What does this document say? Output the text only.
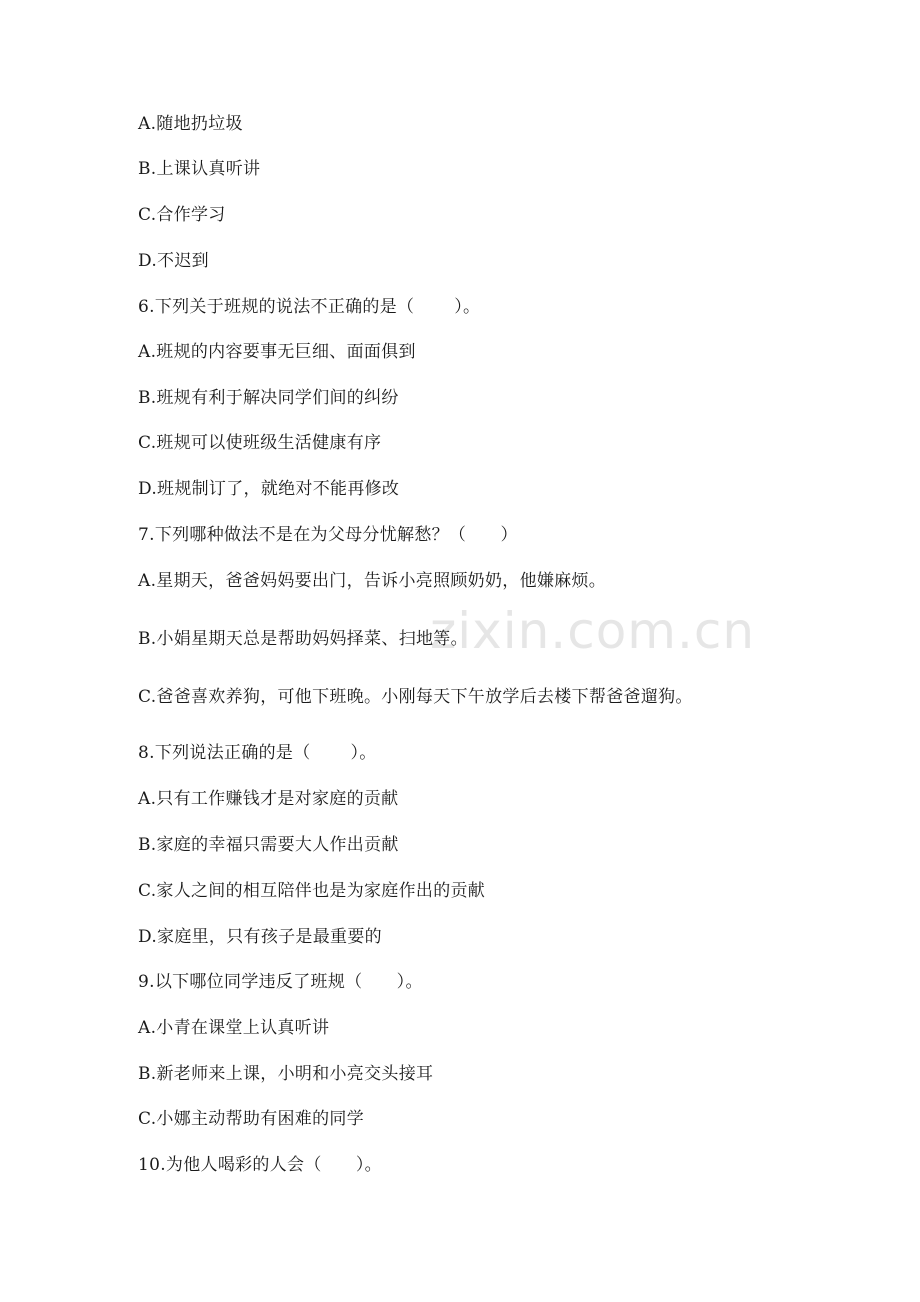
zixin.com.cn
A.随地扔垃圾
B.上课认真听讲
C.合作学习
D.不迟到
6.下列关于班规的说法不正确的是（       ）。
A.班规的内容要事无巨细、面面俱到
B.班规有利于解决同学们间的纠纷
C.班规可以使班级生活健康有序
D.班规制订了，就绝对不能再修改
7.下列哪种做法不是在为父母分忧解愁？（      ）
A.星期天，爸爸妈妈要出门，告诉小亮照顾奶奶，他嫌麻烦。
B.小娟星期天总是帮助妈妈择菜、扫地等。
C.爸爸喜欢养狗，可他下班晚。小刚每天下午放学后去楼下帮爸爸遛狗。
8.下列说法正确的是（       ）。
A.只有工作赚钱才是对家庭的贡献
B.家庭的幸福只需要大人作出贡献
C.家人之间的相互陪伴也是为家庭作出的贡献
D.家庭里，只有孩子是最重要的
9.以下哪位同学违反了班规（      ）。
A.小青在课堂上认真听讲
B.新老师来上课，小明和小亮交头接耳
C.小娜主动帮助有困难的同学
10.为他人喝彩的人会（      ）。
